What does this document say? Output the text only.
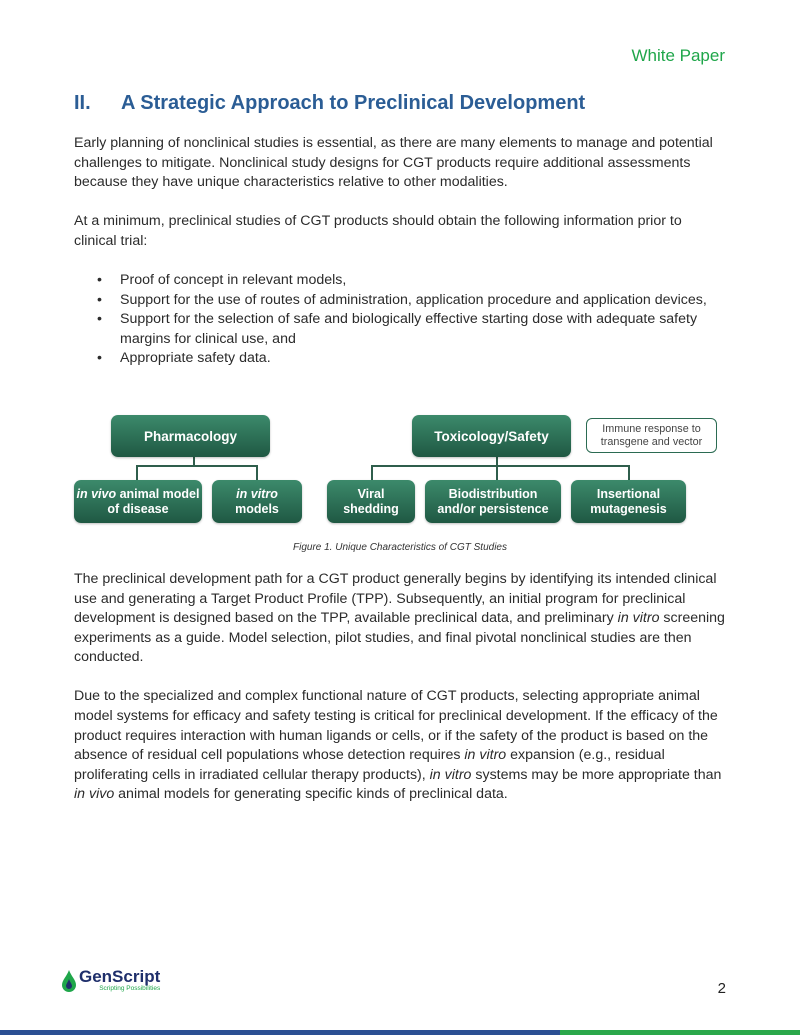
White Paper
II. A Strategic Approach to Preclinical Development

Early planning of nonclinical studies is essential, as there are many elements to manage and potential challenges to mitigate. Nonclinical study designs for CGT products require additional assessments because they have unique characteristics relative to other modalities.

At a minimum, preclinical studies of CGT products should obtain the following information prior to clinical trial:

• Proof of concept in relevant models,
• Support for the use of routes of administration, application procedure and application devices,
• Support for the selection of safe and biologically effective starting dose with adequate safety margins for clinical use, and
• Appropriate safety data.
Pharmacology	Toxicology/Safety	Immune response to transgene and vector
in vivo animal model of disease
in vitro
models
Viral shedding
Biodistribution and/or persistence
Insertional mutagenesis
Figure 1. Unique Characteristics of CGT Studies

The preclinical development path for a CGT product generally begins by identifying its intended clinical use and generating a Target Product Profile (TPP). Subsequently, an initial program for preclinical development is designed based on the TPP, available preclinical data, and preliminary in vitro screening experiments as a guide. Model selection, pilot studies, and final pivotal nonclinical studies are then conducted.

Due to the specialized and complex functional nature of CGT products, selecting appropriate animal model systems for efficacy and safety testing is critical for preclinical development. If the efficacy of the product requires interaction with human ligands or cells, or if the safety of the product is based on the absence of residual cell populations whose detection requires in vitro expansion (e.g., residual proliferating cells in irradiated cellular therapy products), in vitro systems may be more appropriate than in vivo animal models for generating specific kinds of preclinical data.

GenScript
Scripting Possibilities	2
